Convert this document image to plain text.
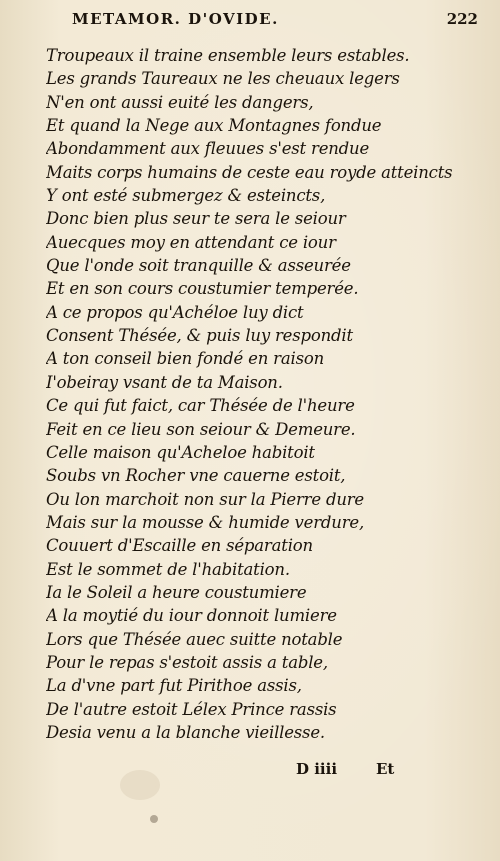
METAMOR. D'OVIDE.	222
Troupeaux il traine ensemble leurs estables.
Les grands Taureaux ne les cheuaux legers
N'en ont aussi euité les dangers,
Et quand la Nege aux Montagnes fondue
Abondamment aux fleuues s'est rendue
Maits corps humains de ceste eau royde atteincts
Y ont esté submergez & esteincts,
Donc bien plus seur te sera le seiour
Auecques moy en attendant ce iour
Que l'onde soit tranquille & asseurée
Et en son cours coustumier temperée.
A ce propos qu'Achéloe luy dict
Consent Thésée, & puis luy respondit
A ton conseil bien fondé en raison
I'obeiray vsant de ta Maison.
Ce qui fut faict, car Thésée de l'heure
Feit en ce lieu son seiour & Demeure.
Celle maison qu'Acheloe habitoit
Soubs vn Rocher vne cauerne estoit,
Ou lon marchoit non sur la Pierre dure
Mais sur la mousse & humide verdure,
Couuert d'Escaille en séparation
Est le sommet de l'habitation.
Ia le Soleil a heure coustumiere
A la moytié du iour donnoit lumiere
Lors que Thésée auec suitte notable
Pour le repas s'estoit assis a table,
La d'vne part fut Pirithoe assis,
De l'autre estoit Lélex Prince rassis
Desia venu a la blanche vieillesse.
D iiii	Et
